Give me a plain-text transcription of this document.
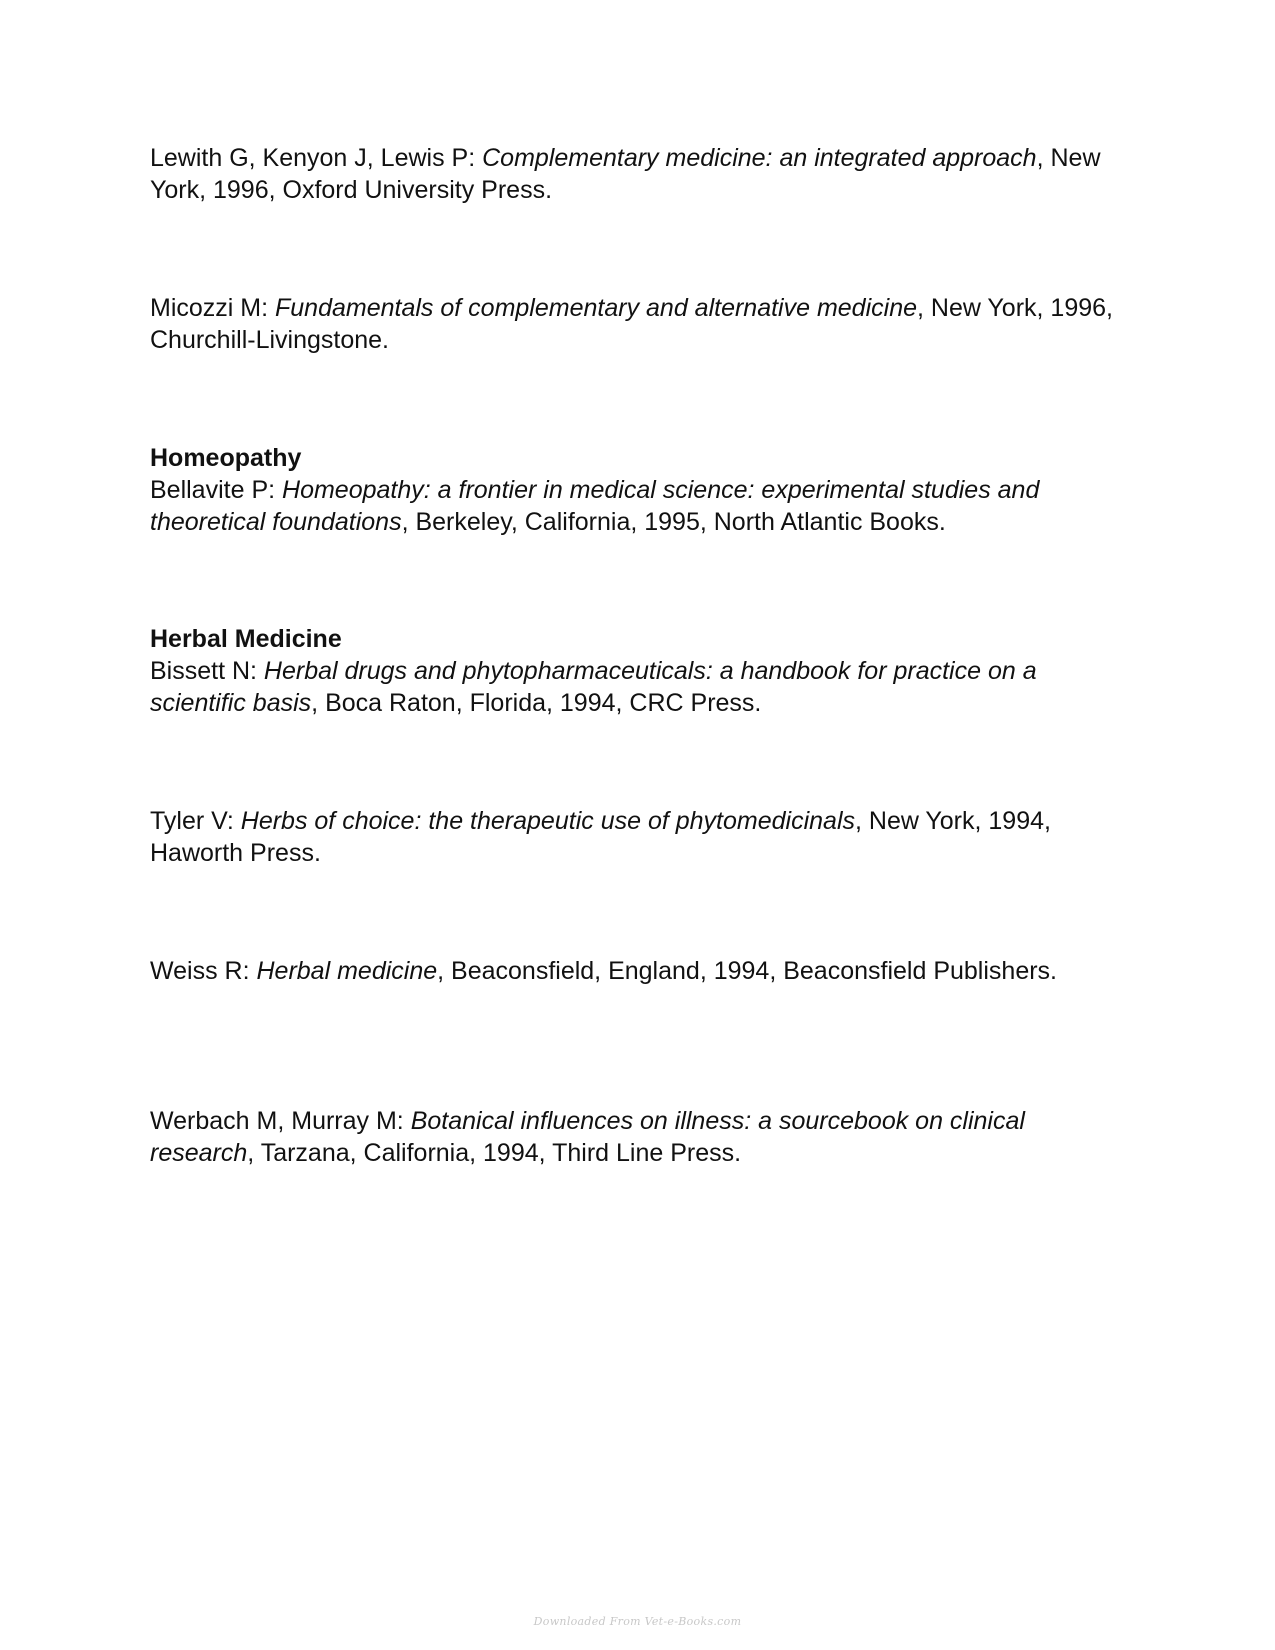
Lewith G, Kenyon J, Lewis P: Complementary medicine: an integrated approach, New York, 1996, Oxford University Press.

Micozzi M: Fundamentals of complementary and alternative medicine, New York, 1996, Churchill-Livingstone.

Homeopathy
Bellavite P: Homeopathy: a frontier in medical science: experimental studies and theoretical foundations, Berkeley, California, 1995, North Atlantic Books.

Herbal Medicine
Bissett N: Herbal drugs and phytopharmaceuticals: a handbook for practice on a scientific basis, Boca Raton, Florida, 1994, CRC Press.

Tyler V: Herbs of choice: the therapeutic use of phytomedicinals, New York, 1994, Haworth Press.

Weiss R: Herbal medicine, Beaconsfield, England, 1994, Beaconsfield Publishers.

Werbach M, Murray M: Botanical influences on illness: a sourcebook on clinical research, Tarzana, California, 1994, Third Line Press.

Downloaded From Vet-e-Books.com
